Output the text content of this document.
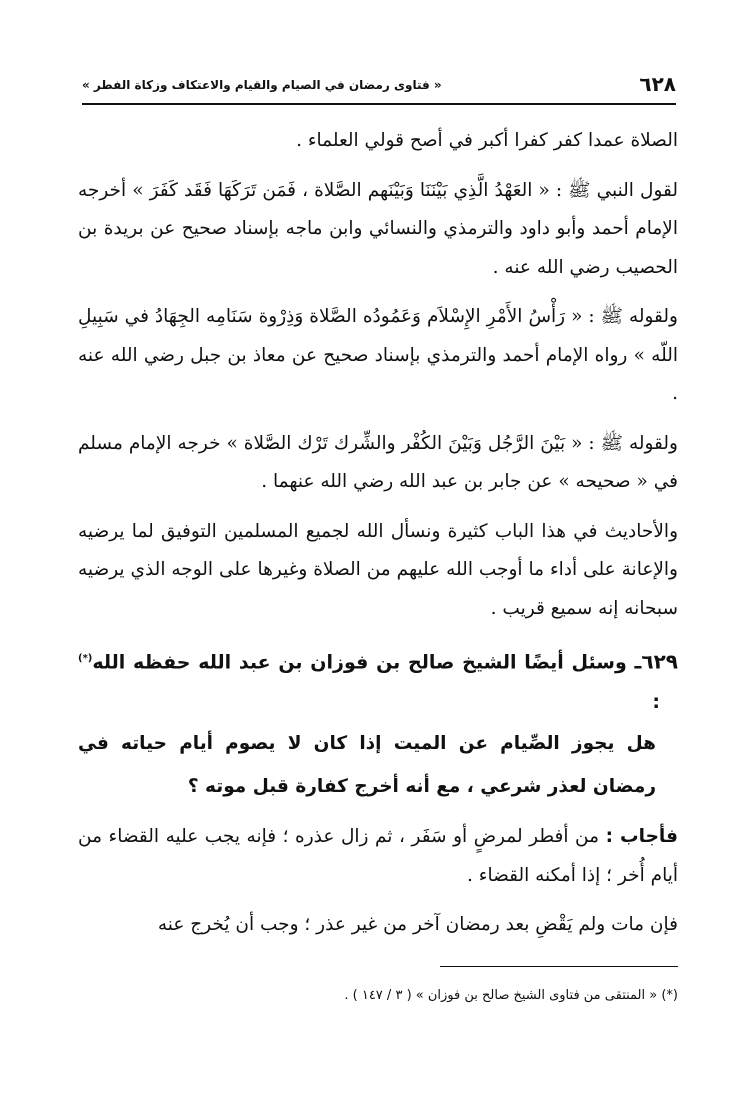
٦٢٨
« فتاوى رمضان في الصيام والقيام والاعتكاف وزكاة الفطر »

الصلاة عمدا كفر كفرا أكبر في أصح قولي العلماء .

لقول النبي ﷺ : « العَهْدُ الَّذِي بَيْنَنَا وَبَيْنَهم الصَّلاة ، فَمَن تَرَكَهَا فَقَد كَفَرَ » أخرجه الإمام أحمد وأبو داود والترمذي والنسائي وابن ماجه بإسناد صحيح عن بريدة بن الحصيب رضي الله عنه .

ولقوله ﷺ : « رَأْسُ الأَمْرِ الإِسْلاَم وَعَمُودُه الصَّلاة وَذِرْوة سَنَامِه الجِهَادُ في سَبِيلِ اللّه » رواه الإمام أحمد والترمذي بإسناد صحيح عن معاذ بن جبل رضي الله عنه .

ولقوله ﷺ : « بَيْنَ الرَّجُل وَبَيْنَ الكُفْر والشِّرك تَرْك الصَّلاة » خرجه الإمام مسلم في « صحيحه » عن جابر بن عبد الله رضي الله عنهما .

والأحاديث في هذا الباب كثيرة ونسأل الله لجميع المسلمين التوفيق لما يرضيه والإعانة على أداء ما أوجب الله عليهم من الصلاة وغيرها على الوجه الذي يرضيه سبحانه إنه سميع قريب .

٦٢٩ـ وسئل أيضًا الشيخ صالح بن فوزان بن عبد الله حفظه الله(*) :
هل يجوز الصِّيام عن الميت إذا كان لا يصوم أيام حياته في رمضان لعذر شرعي ، مع أنه أخرج كفارة قبل موته ؟

فأجاب : من أفطر لمرضٍ أو سَفَر ، ثم زال عذره ؛ فإنه يجب عليه القضاء من أيام أُخر ؛ إذا أمكنه القضاء .

فإن مات ولم يَقْضِ بعد رمضان آخر من غير عذر ؛ وجب أن يُخرج عنه

(*) « المنتقى من فتاوى الشيخ صالح بن فوزان » ( ٣ / ١٤٧ ) .
